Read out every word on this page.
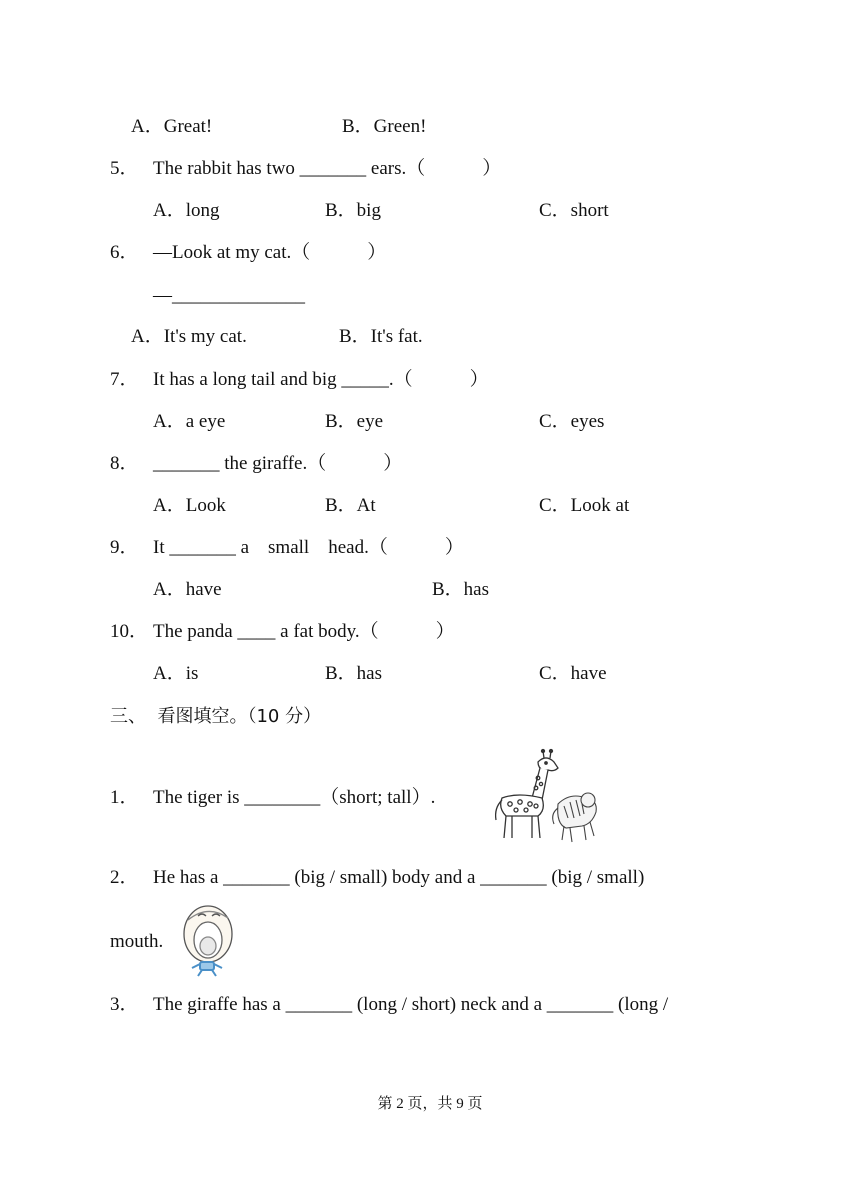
A．Great!	B．Green!
5． The rabbit has two _______ ears.（　　　）
A．long	B．big	C．short
6． —Look at my cat.（　　　）
—______________
A．It's my cat.	B．It's fat.
7． It has a long tail and big _____.（　　　）
A．a eye	B．eye	C．eyes
8． _______ the giraffe.（　　　）
A．Look	B．At	C．Look at
9． It _______ a    small    head.（　　　）
A．have	B．has
10． The panda ____ a fat body.（　　　）
A．is	B．has	C．have
三、  看图填空。（10 分）
1． The tiger is ________（short; tall）.
2． He has a _______ (big / small) body and a _______ (big / small)
mouth.
3． The giraffe has a _______ (long / short) neck and a _______ (long /
第 2 页，共 9 页
